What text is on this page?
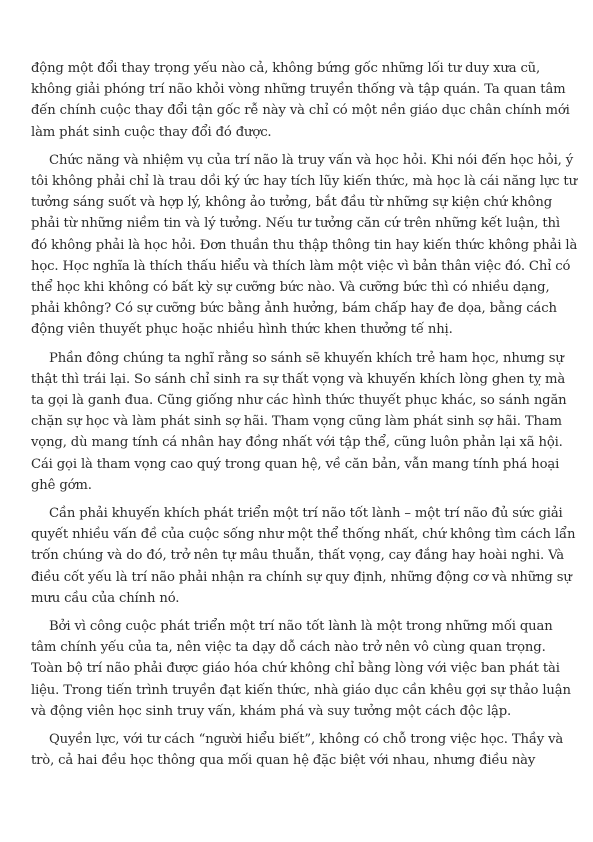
động một đổi thay trọng yếu nào cả, không bứng gốc những lối tư duy xưa cũ, không giải phóng trí não khỏi vòng những truyền thống và tập quán. Ta quan tâm đến chính cuộc thay đổi tận gốc rễ này và chỉ có một nền giáo dục chân chính mới làm phát sinh cuộc thay đổi đó được.

Chức năng và nhiệm vụ của trí não là truy vấn và học hỏi. Khi nói đến học hỏi, ý tôi không phải chỉ là trau dồi ký ức hay tích lũy kiến thức, mà học là cái năng lực tư tưởng sáng suốt và hợp lý, không ảo tưởng, bắt đầu từ những sự kiện chứ không phải từ những niềm tin và lý tưởng. Nếu tư tưởng căn cứ trên những kết luận, thì đó không phải là học hỏi. Đơn thuần thu thập thông tin hay kiến thức không phải là học. Học nghĩa là thích thấu hiểu và thích làm một việc vì bản thân việc đó. Chỉ có thể học khi không có bất kỳ sự cưỡng bức nào. Và cưỡng bức thì có nhiều dạng, phải không? Có sự cưỡng bức bằng ảnh hưởng, bám chấp hay đe dọa, bằng cách động viên thuyết phục hoặc nhiều hình thức khen thưởng tế nhị.

Phần đông chúng ta nghĩ rằng so sánh sẽ khuyến khích trẻ ham học, nhưng sự thật thì trái lại. So sánh chỉ sinh ra sự thất vọng và khuyến khích lòng ghen tỵ mà ta gọi là ganh đua. Cũng giống như các hình thức thuyết phục khác, so sánh ngăn chặn sự học và làm phát sinh sợ hãi. Tham vọng cũng làm phát sinh sợ hãi. Tham vọng, dù mang tính cá nhân hay đồng nhất với tập thể, cũng luôn phản lại xã hội. Cái gọi là tham vọng cao quý trong quan hệ, về căn bản, vẫn mang tính phá hoại ghê gớm.

Cần phải khuyến khích phát triển một trí não tốt lành – một trí não đủ sức giải quyết nhiều vấn đề của cuộc sống như một thể thống nhất, chứ không tìm cách lẩn trốn chúng và do đó, trở nên tự mâu thuẫn, thất vọng, cay đắng hay hoài nghi. Và điều cốt yếu là trí não phải nhận ra chính sự quy định, những động cơ và những sự mưu cầu của chính nó.

Bởi vì công cuộc phát triển một trí não tốt lành là một trong những mối quan tâm chính yếu của ta, nên việc ta dạy dỗ cách nào trở nên vô cùng quan trọng. Toàn bộ trí não phải được giáo hóa chứ không chỉ bằng lòng với việc ban phát tài liệu. Trong tiến trình truyền đạt kiến thức, nhà giáo dục cần khêu gợi sự thảo luận và động viên học sinh truy vấn, khám phá và suy tưởng một cách độc lập.

Quyền lực, với tư cách “người hiểu biết”, không có chỗ trong việc học. Thầy và trò, cả hai đều học thông qua mối quan hệ đặc biệt với nhau, nhưng điều này
